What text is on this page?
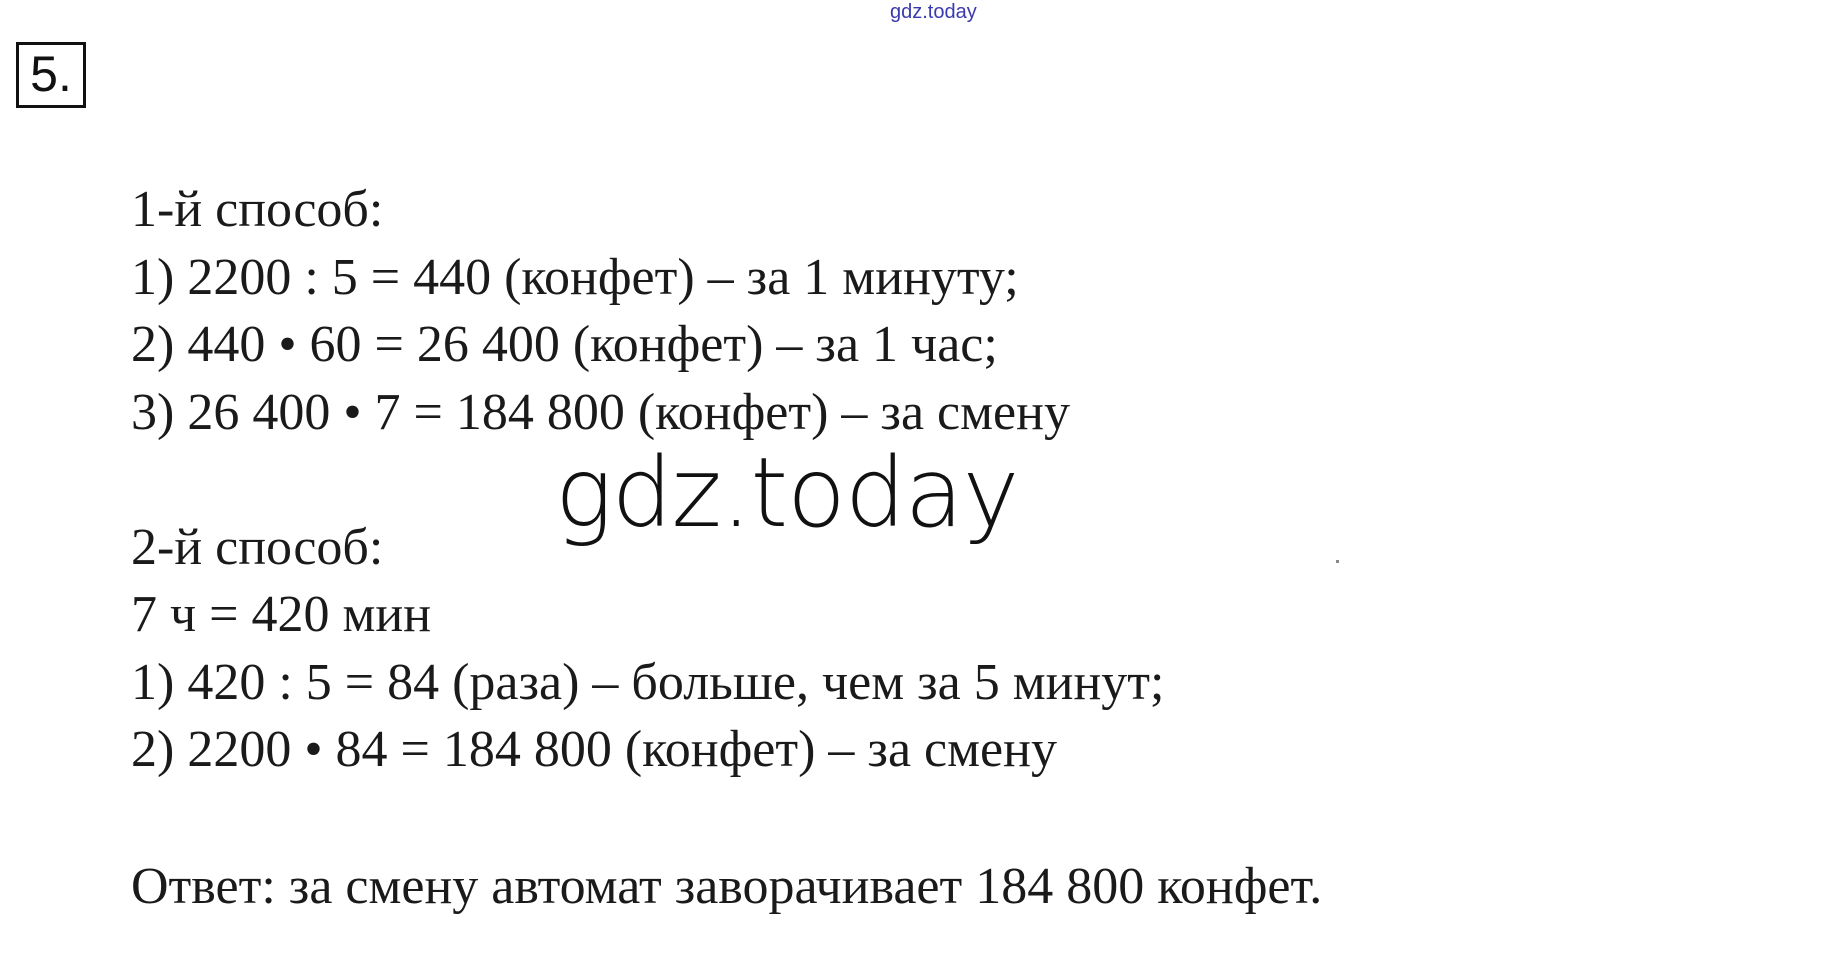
gdz.today
5.
1-й способ:
1) 2200 : 5 = 440 (конфет) – за 1 минуту;
2) 440 • 60 = 26 400 (конфет) – за 1 час;
3) 26 400 • 7 = 184 800 (конфет) – за смену
2-й способ:
7 ч = 420 мин
1) 420 : 5 = 84 (раза) – больше, чем за 5 минут;
2) 2200 • 84 = 184 800 (конфет) – за смену
Ответ: за смену автомат заворачивает 184 800 конфет.
gdz.today
